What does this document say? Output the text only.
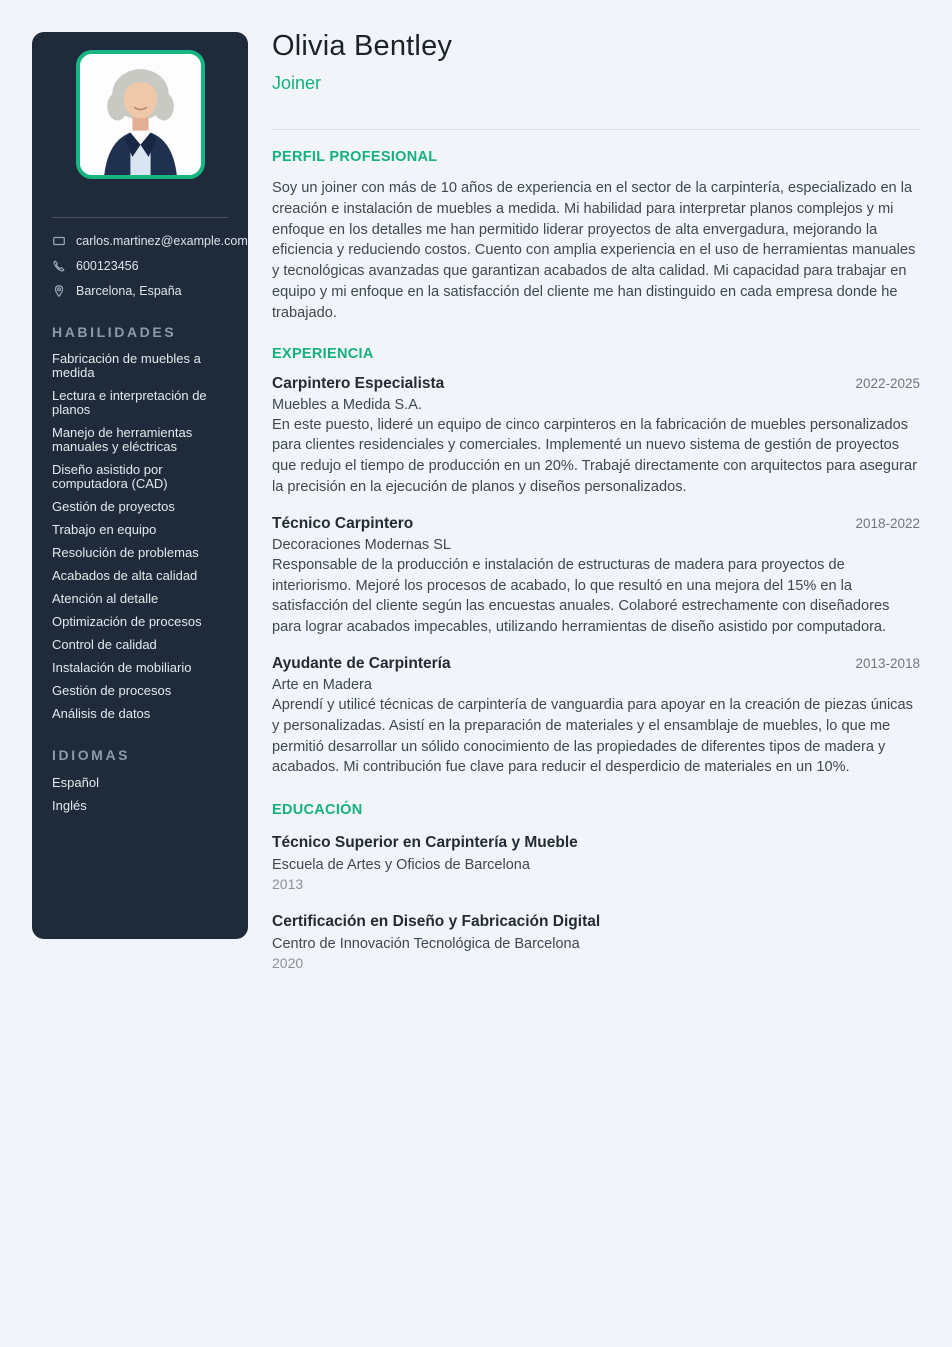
carlos.martinez@example.com
600123456
Barcelona, España
HABILIDADES
Fabricación de muebles a medida
Lectura e interpretación de planos
Manejo de herramientas manuales y eléctricas
Diseño asistido por computadora (CAD)
Gestión de proyectos
Trabajo en equipo
Resolución de problemas
Acabados de alta calidad
Atención al detalle
Optimización de procesos
Control de calidad
Instalación de mobiliario
Gestión de procesos
Análisis de datos
IDIOMAS
Español
Inglés
Olivia Bentley
Joiner
PERFIL PROFESIONAL

Soy un joiner con más de 10 años de experiencia en el sector de la carpintería, especializado en la creación e instalación de muebles a medida. Mi habilidad para interpretar planos complejos y mi enfoque en los detalles me han permitido liderar proyectos de alta envergadura, mejorando la eficiencia y reduciendo costos. Cuento con amplia experiencia en el uso de herramientas manuales y tecnológicas avanzadas que garantizan acabados de alta calidad. Mi capacidad para trabajar en equipo y mi enfoque en la satisfacción del cliente me han distinguido en cada empresa donde he trabajado.

EXPERIENCIA
Carpintero Especialista	2022-2025
Muebles a Medida S.A.

En este puesto, lideré un equipo de cinco carpinteros en la fabricación de muebles personalizados para clientes residenciales y comerciales. Implementé un nuevo sistema de gestión de proyectos que redujo el tiempo de producción en un 20%. Trabajé directamente con arquitectos para asegurar la precisión en la ejecución de planos y diseños personalizados.

Técnico Carpintero	2018-2022
Decoraciones Modernas SL

Responsable de la producción e instalación de estructuras de madera para proyectos de interiorismo. Mejoré los procesos de acabado, lo que resultó en una mejora del 15% en la satisfacción del cliente según las encuestas anuales. Colaboré estrechamente con diseñadores para lograr acabados impecables, utilizando herramientas de diseño asistido por computadora.

Ayudante de Carpintería	2013-2018
Arte en Madera

Aprendí y utilicé técnicas de carpintería de vanguardia para apoyar en la creación de piezas únicas y personalizadas. Asistí en la preparación de materiales y el ensamblaje de muebles, lo que me permitió desarrollar un sólido conocimiento de las propiedades de diferentes tipos de madera y acabados. Mi contribución fue clave para reducir el desperdicio de materiales en un 10%.

EDUCACIÓN
Técnico Superior en Carpintería y Mueble
Escuela de Artes y Oficios de Barcelona
2013
Certificación en Diseño y Fabricación Digital
Centro de Innovación Tecnológica de Barcelona
2020
